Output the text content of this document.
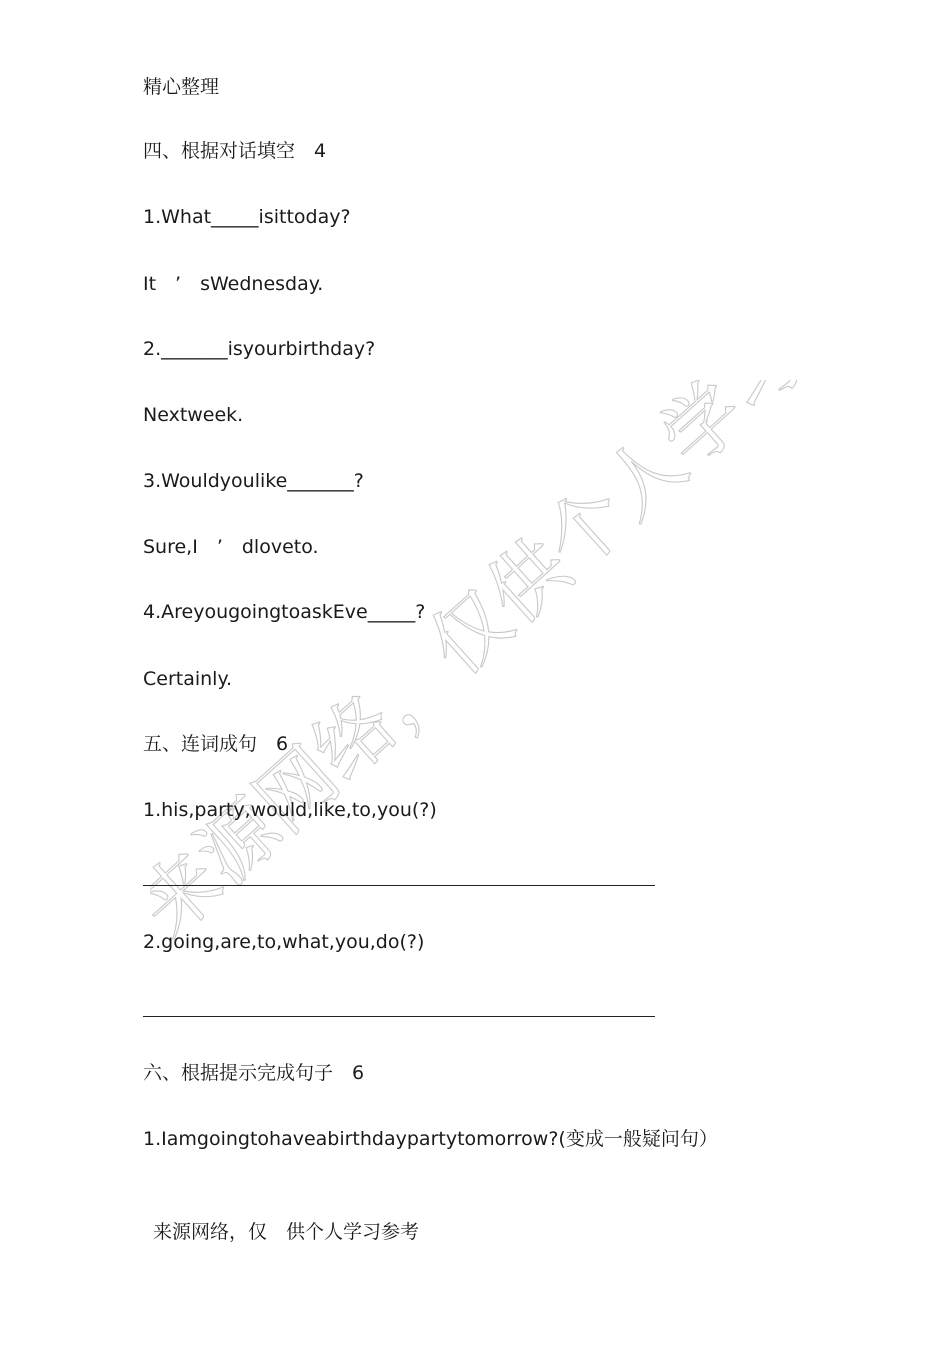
来源网络，仅供个人学习参考
精心整理
四、根据对话填空　4
1.What_____isittoday?
It　’　sWednesday.
2._______isyourbirthday?
Nextweek.
3.Wouldyoulike_______?
Sure,I　’　dloveto.
4.AreyougoingtoaskEve_____?
Certainly.
五、连词成句　6
1.his,party,would,like,to,you(?)
2.going,are,to,what,you,do(?)
六、根据提示完成句子　6
1.Iamgoingtohaveabirthdaypartytomorrow?(变成一般疑问句）
来源网络，仅　供个人学习参考
